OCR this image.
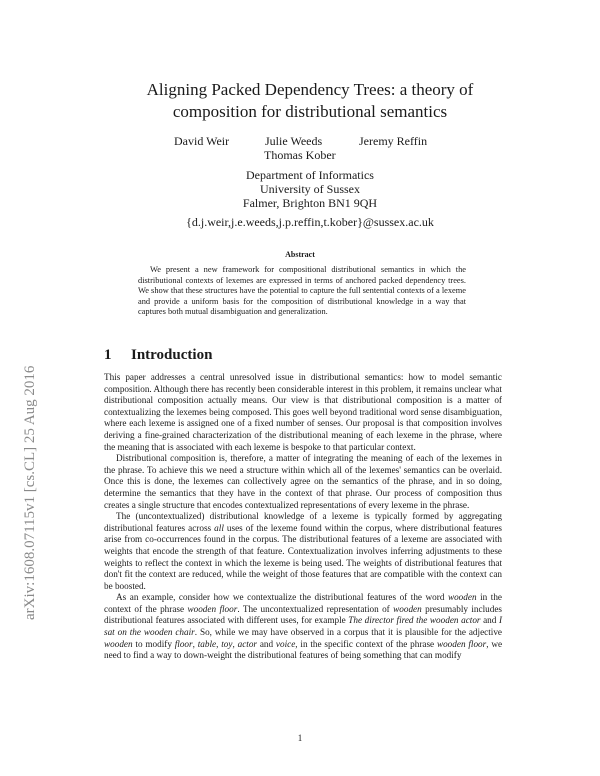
arXiv:1608.07115v1 [cs.CL] 25 Aug 2016
Aligning Packed Dependency Trees: a theory of
composition for distributional semantics
David Weir	Julie Weeds	Jeremy Reffin
Thomas Kober
Department of Informatics
University of Sussex
Falmer, Brighton BN1 9QH
{d.j.weir,j.e.weeds,j.p.reffin,t.kober}@sussex.ac.uk
Abstract
We present a new framework for compositional distributional semantics in which the distributional contexts of lexemes are expressed in terms of anchored packed dependency trees. We show that these structures have the potential to capture the full sentential contexts of a lexeme and provide a uniform basis for the composition of distributional knowledge in a way that captures both mutual disambiguation and generalization.
1 Introduction

This paper addresses a central unresolved issue in distributional semantics: how to model semantic composition. Although there has recently been considerable interest in this problem, it remains unclear what distributional composition actually means. Our view is that distributional composition is a matter of contextualizing the lexemes being composed. This goes well beyond traditional word sense disambiguation, where each lexeme is assigned one of a fixed number of senses. Our proposal is that composition involves deriving a fine-grained characterization of the distributional meaning of each lexeme in the phrase, where the meaning that is associated with each lexeme is bespoke to that particular context.

Distributional composition is, therefore, a matter of integrating the meaning of each of the lexemes in the phrase. To achieve this we need a structure within which all of the lexemes' semantics can be overlaid. Once this is done, the lexemes can collectively agree on the semantics of the phrase, and in so doing, determine the semantics that they have in the context of that phrase. Our process of composition thus creates a single structure that encodes contextualized representations of every lexeme in the phrase.

The (uncontextualized) distributional knowledge of a lexeme is typically formed by aggregating distributional features across all uses of the lexeme found within the corpus, where distributional features arise from co-occurrences found in the corpus. The distributional features of a lexeme are associated with weights that encode the strength of that feature. Contextualization involves inferring adjustments to these weights to reflect the context in which the lexeme is being used. The weights of distributional features that don't fit the context are reduced, while the weight of those features that are compatible with the context can be boosted.

As an example, consider how we contextualize the distributional features of the word wooden in the context of the phrase wooden floor. The uncontextualized representation of wooden presumably includes distributional features associated with different uses, for example The director fired the wooden actor and I sat on the wooden chair. So, while we may have observed in a corpus that it is plausible for the adjective wooden to modify floor, table, toy, actor and voice, in the specific context of the phrase wooden floor, we need to find a way to down-weight the distributional features of being something that can modify

1
